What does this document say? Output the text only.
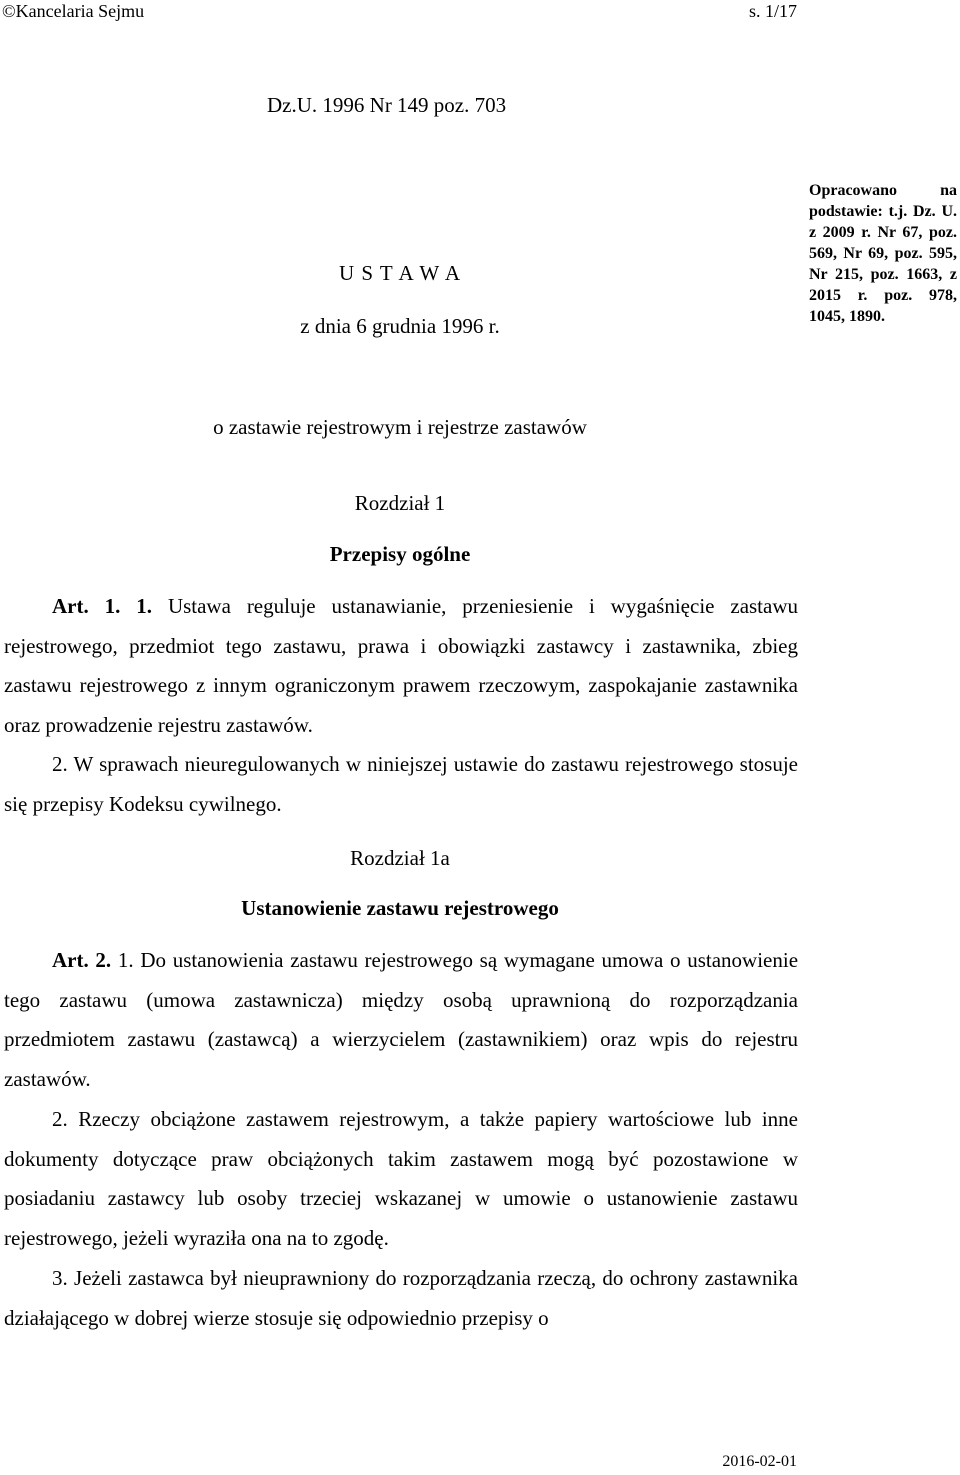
©Kancelaria Sejmu	s. 1/17
Dz.U. 1996 Nr 149 poz. 703
Opracowano na podstawie: t.j. Dz. U. z 2009 r. Nr 67, poz. 569, Nr 69, poz. 595, Nr 215, poz. 1663, z 2015 r. poz. 978, 1045, 1890.
U S T A W A
z dnia 6 grudnia 1996 r.
o zastawie rejestrowym i rejestrze zastawów
Rozdział 1
Przepisy ogólne

Art. 1. 1. Ustawa reguluje ustanawianie, przeniesienie i wygaśnięcie zastawu rejestrowego, przedmiot tego zastawu, prawa i obowiązki zastawcy i zastawnika, zbieg zastawu rejestrowego z innym ograniczonym prawem rzeczowym, zaspokajanie zastawnika oraz prowadzenie rejestru zastawów.

2. W sprawach nieuregulowanych w niniejszej ustawie do zastawu rejestrowego stosuje się przepisy Kodeksu cywilnego.

Rozdział 1a
Ustanowienie zastawu rejestrowego

Art. 2. 1. Do ustanowienia zastawu rejestrowego są wymagane umowa o ustanowienie tego zastawu (umowa zastawnicza) między osobą uprawnioną do rozporządzania przedmiotem zastawu (zastawcą) a wierzycielem (zastawnikiem) oraz wpis do rejestru zastawów.

2. Rzeczy obciążone zastawem rejestrowym, a także papiery wartościowe lub inne dokumenty dotyczące praw obciążonych takim zastawem mogą być pozostawione w posiadaniu zastawcy lub osoby trzeciej wskazanej w umowie o ustanowienie zastawu rejestrowego, jeżeli wyraziła ona na to zgodę.

3. Jeżeli zastawca był nieuprawniony do rozporządzania rzeczą, do ochrony zastawnika działającego w dobrej wierze stosuje się odpowiednio przepisy o

2016-02-01
